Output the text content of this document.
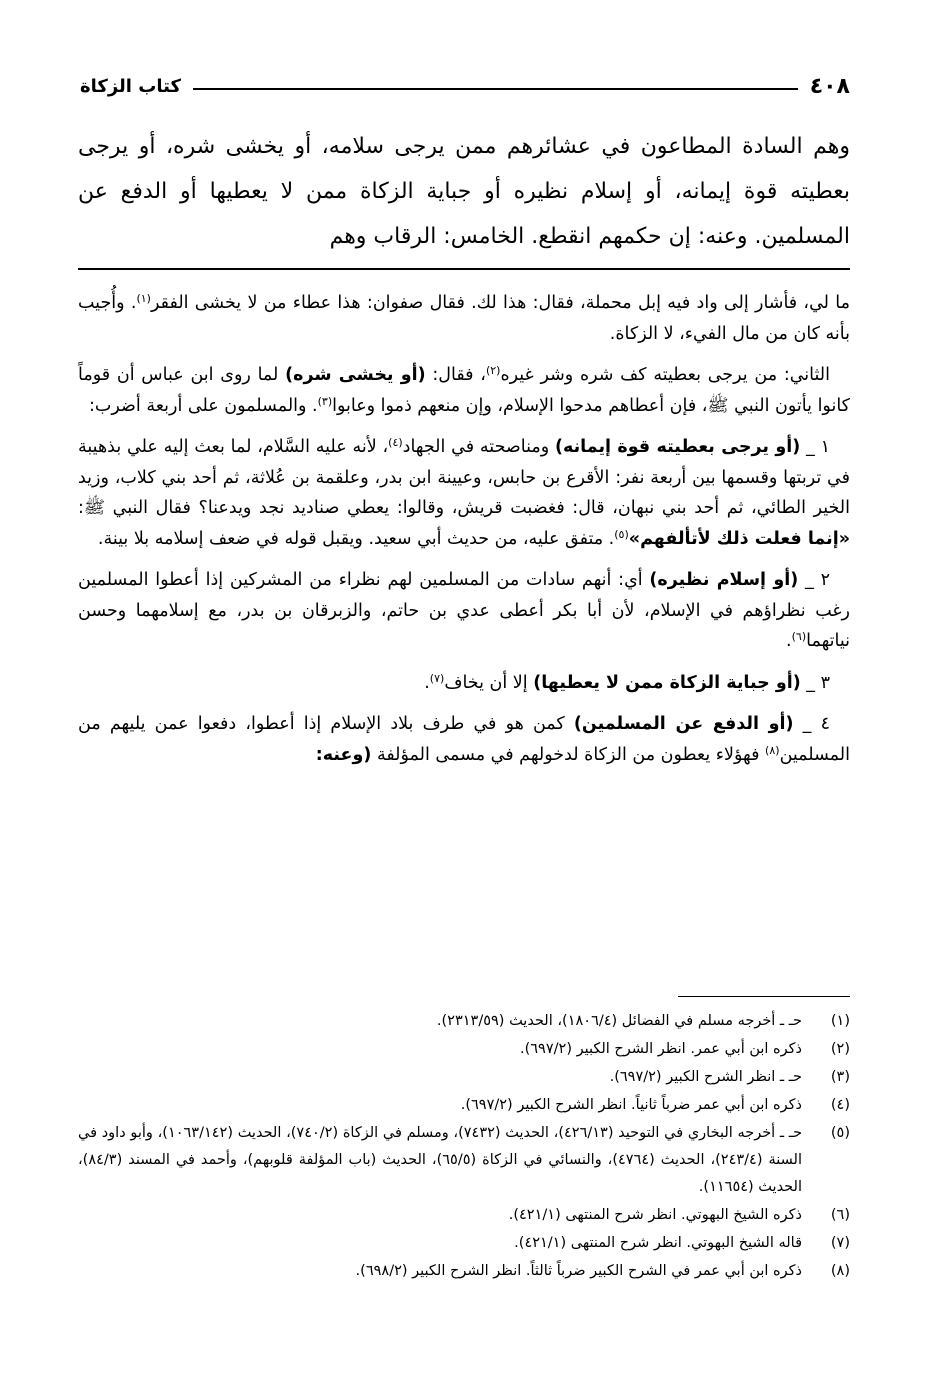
٤٠٨
كتاب الزكاة
وهم السادة المطاعون في عشائرهم ممن يرجى سلامه، أو يخشى شره، أو يرجى بعطيته قوة إيمانه، أو إسلام نظيره أو جباية الزكاة ممن لا يعطيها أو الدفع عن المسلمين. وعنه: إن حكمهم انقطع. الخامس: الرقاب وهم

ما لي، فأشار إلى واد فيه إبل محملة، فقال: هذا لك. فقال صفوان: هذا عطاء من لا يخشى الفقر$^{(١)}$. وأُجيب بأنه كان من مال الفيء، لا الزكاة.

الثاني: من يرجى بعطيته كف شره وشر غيره$^{(٢)}$، فقال: (أو يخشى شره) لما روى ابن عباس أن قوماً كانوا يأتون النبي ﷺ، فإن أعطاهم مدحوا الإسلام، وإن منعهم ذموا وعابوا$^{(٣)}$. والمسلمون على أربعة أضرب:

١ _ (أو يرجى بعطيته قوة إيمانه) ومناصحته في الجهاد$^{(٤)}$، لأنه عليه السَّلام، لما بعث إليه علي بذهيبة في تربتها وقسمها بين أربعة نفر: الأقرع بن حابس، وعيينة ابن بدر، وعلقمة بن عُلاثة، ثم أحد بني كلاب، وزيد الخير الطائي، ثم أحد بني نبهان، قال: فغضبت قريش، وقالوا: يعطي صناديد نجد ويدعنا؟ فقال النبي ﷺ: «إنما فعلت ذلك لأتألفهم»$^{(٥)}$. متفق عليه، من حديث أبي سعيد. ويقبل قوله في ضعف إسلامه بلا بينة.

٢ _ (أو إسلام نظيره) أي: أنهم سادات من المسلمين لهم نظراء من المشركين إذا أعطوا المسلمين رغب نظراؤهم في الإسلام، لأن أبا بكر أعطى عدي بن حاتم، والزبرقان بن بدر، مع إسلامهما وحسن نياتهما$^{(٦)}$.

٣ _ (أو جباية الزكاة ممن لا يعطيها) إلا أن يخاف$^{(٧)}$.

٤ _ (أو الدفع عن المسلمين) كمن هو في طرف بلاد الإسلام إذا أعطوا، دفعوا عمن يليهم من المسلمين$^{(٨)}$ فهؤلاء يعطون من الزكاة لدخولهم في مسمى المؤلفة (وعنه:

(١)
حـ ـ أخرجه مسلم في الفضائل (١٨٠٦/٤)، الحديث (٢٣١٣/٥٩).
(٢)
ذكره ابن أبي عمر. انظر الشرح الكبير (٦٩٧/٢).
(٣)
حـ ـ انظر الشرح الكبير (٦٩٧/٢).
(٤)
ذكره ابن أبي عمر ضرباً ثانياً. انظر الشرح الكبير (٦٩٧/٢).
(٥)
حـ ـ أخرجه البخاري في التوحيد (٤٢٦/١٣)، الحديث (٧٤٣٢)، ومسلم في الزكاة (٧٤٠/٢)، الحديث (١٠٦٣/١٤٢)، وأبو داود في السنة (٢٤٣/٤)، الحديث (٤٧٦٤)، والنسائي في الزكاة (٦٥/٥)، الحديث (باب المؤلفة قلوبهم)، وأحمد في المسند (٨٤/٣)، الحديث (١١٦٥٤).
(٦)
ذكره الشيخ البهوتي. انظر شرح المنتهى (٤٢١/١).
(٧)
قاله الشيخ البهوتي. انظر شرح المنتهى (٤٢١/١).
(٨)
ذكره ابن أبي عمر في الشرح الكبير ضرباً ثالثاً. انظر الشرح الكبير (٦٩٨/٢).
